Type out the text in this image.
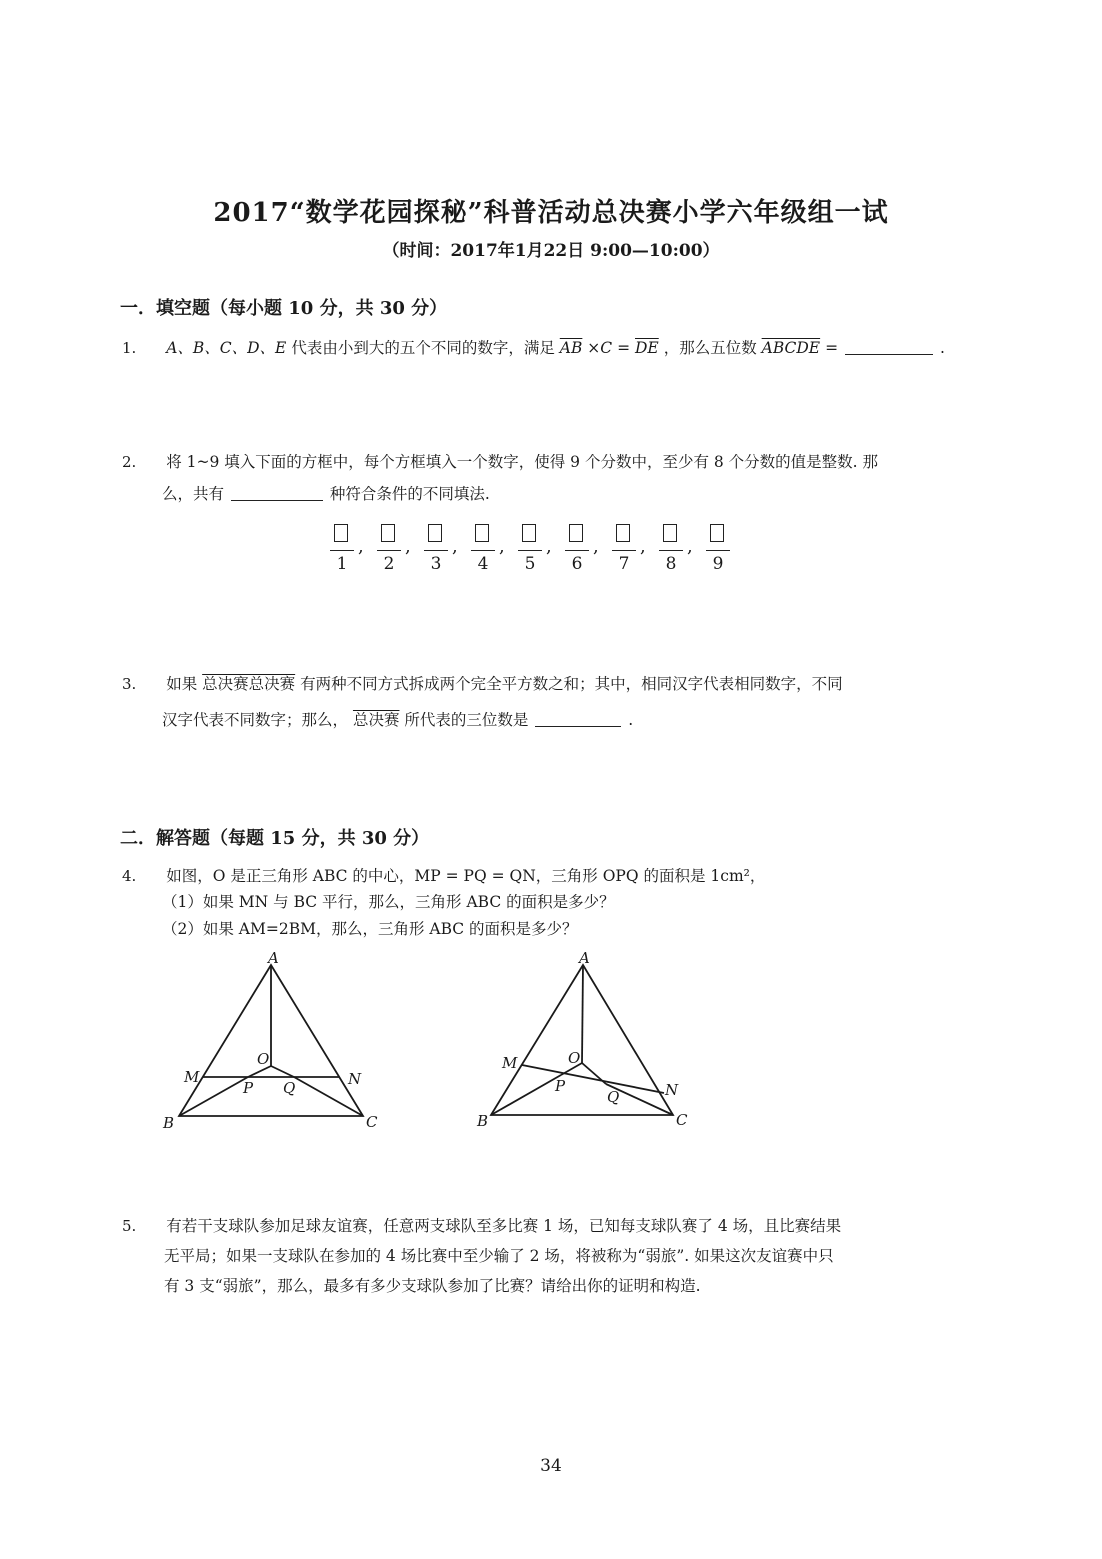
2017“数学花园探秘”科普活动总决赛小学六年级组一试
（时间：2017年1月22日 9:00—10:00）
一．填空题（每小题 10 分，共 30 分）
1. A、B、C、D、E 代表由小到大的五个不同的数字，满足 $\overline{AB} \times C = \overline{DE}$ ，那么五位数 ABCDE =	.
2. 将 1~9 填入下面的方框中，每个方框填入一个数字，使得 9 个分数中，至少有 8 个分数的值是整数. 那
么，共有	种符合条件的不同填法.
1
,
2
,
3
,
4
,
5
,
6
,
7
,
8
,
9
3. 如果 总决赛总决赛 有两种不同方式拆成两个完全平方数之和；其中，相同汉字代表相同数字，不同
汉字代表不同数字；那么， 总决赛 所代表的三位数是	.
二．解答题（每题 15 分，共 30 分）
4. 如图，O 是正三角形 ABC 的中心，MP = PQ = QN，三角形 OPQ 的面积是 1cm²，
（1）如果 MN 与 BC 平行，那么，三角形 ABC 的面积是多少？
（2）如果 AM=2BM，那么，三角形 ABC 的面积是多少？
A
O
M	N
P Q
B	C
A
O
M
N
P
Q
B	C
5. 有若干支球队参加足球友谊赛，任意两支球队至多比赛 1 场，已知每支球队赛了 4 场，且比赛结果
无平局；如果一支球队在参加的 4 场比赛中至少输了 2 场，将被称为“弱旅”. 如果这次友谊赛中只
有 3 支“弱旅”，那么，最多有多少支球队参加了比赛？请给出你的证明和构造.
34
